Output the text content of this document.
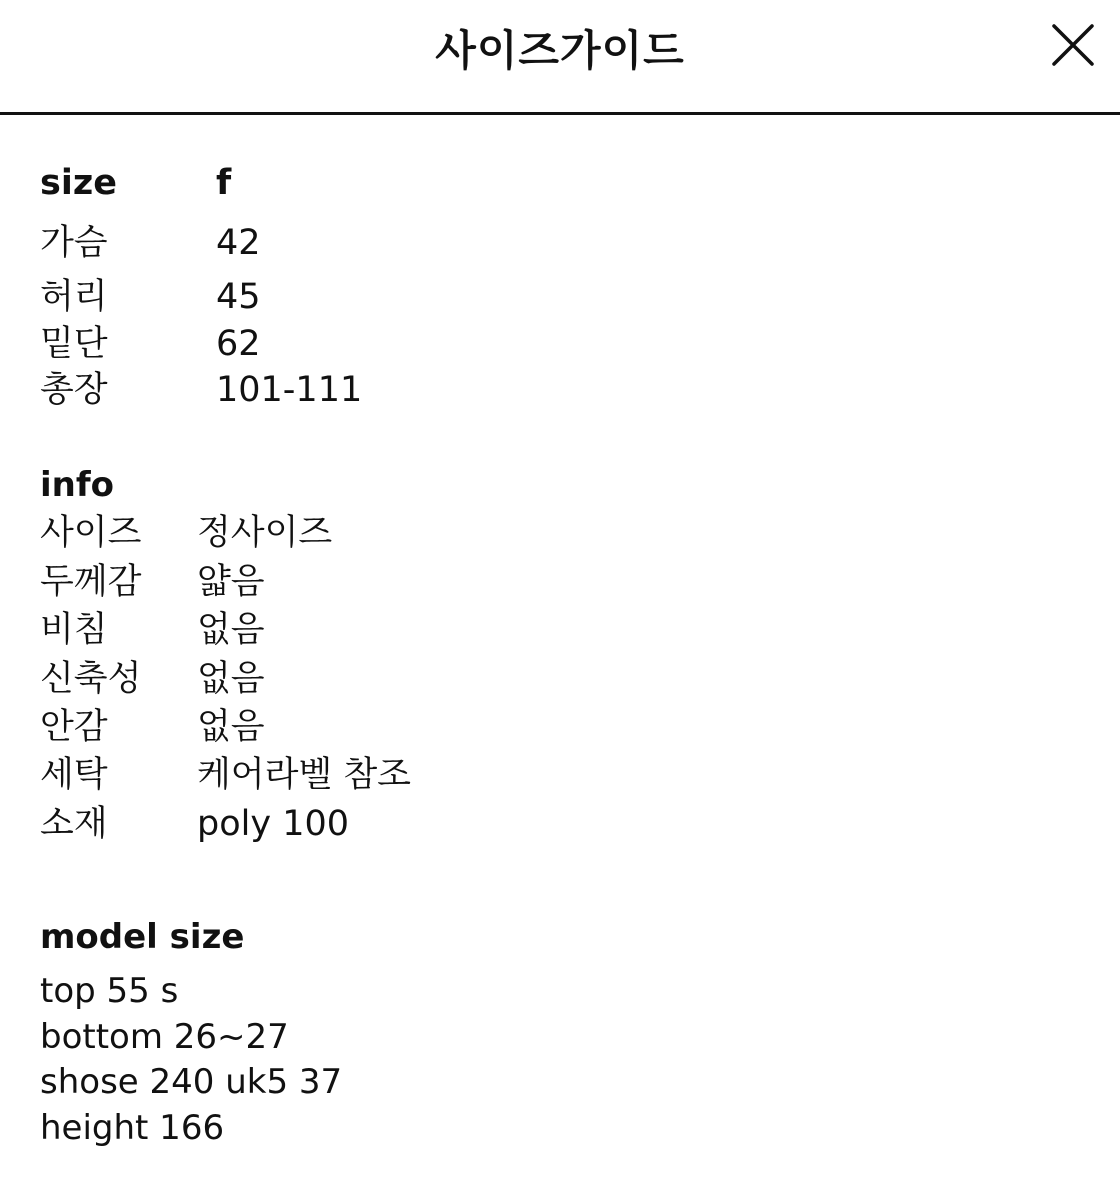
사이즈가이드
size	f
가슴	42
허리	45
밑단	62
총장	101-111
info
사이즈 정사이즈
두께감 얇음
비침	없음
신축성 없음
안감	없음
세탁	케어라벨 참조
소재	poly 100
model size
top 55 s
bottom 26~27
shose 240 uk5 37
height 166
